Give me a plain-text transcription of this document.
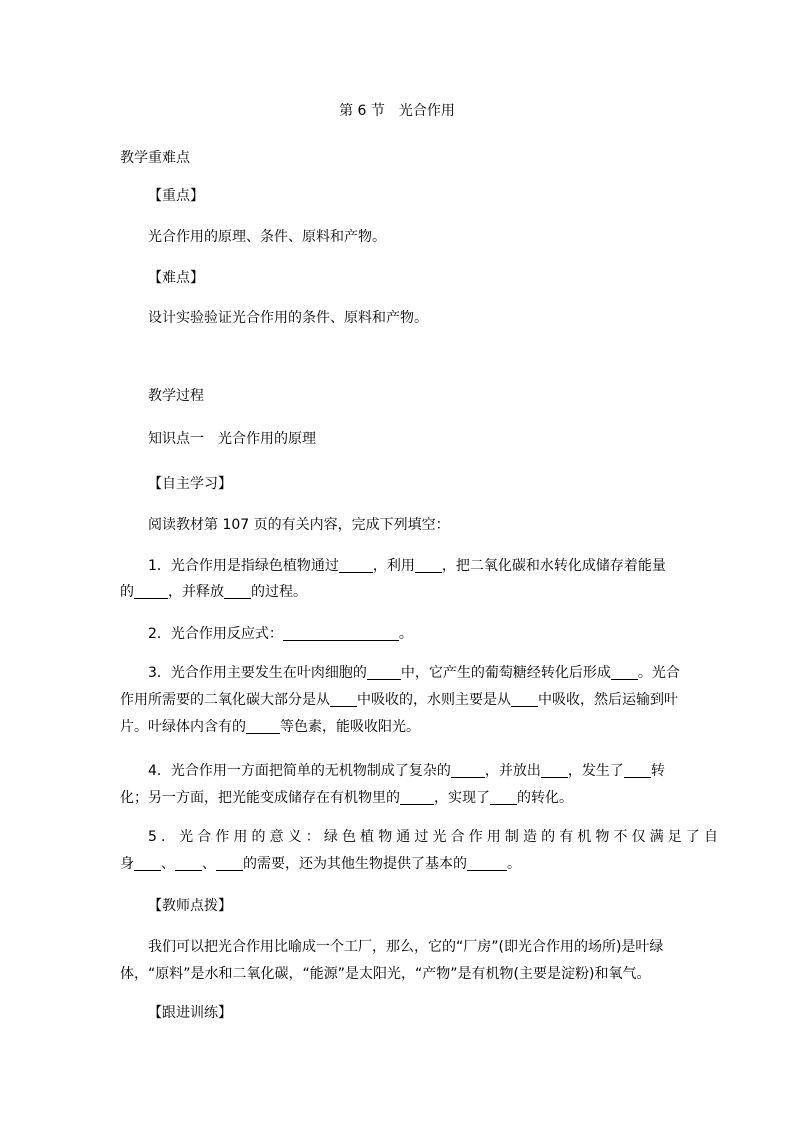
第 6 节　光合作用
教学重难点
【重点】
光合作用的原理、条件、原料和产物。
【难点】
设计实验验证光合作用的条件、原料和产物。
教学过程
知识点一　光合作用的原理
【自主学习】
阅读教材第 107 页的有关内容，完成下列填空：
1．光合作用是指绿色植物通过 ，利用 ，把二氧化碳和水转化成储存着能量
的 ，并释放 的过程。
2．光合作用反应式：	。
3．光合作用主要发生在叶肉细胞的 中，它产生的葡萄糖经转化后形成 。光合
作用所需要的二氧化碳大部分是从 中吸收的，水则主要是从 中吸收，然后运输到叶
片。叶绿体内含有的 等色素，能吸收阳光。
4．光合作用一方面把简单的无机物制成了复杂的 ，并放出 ，发生了 转
化；另一方面，把光能变成储存在有机物里的 ，实现了 的转化。
5．光合作用的意义：绿色植物通过光合作用制造的有机物不仅满足了自
身 、 、 的需要，还为其他生物提供了基本的	。
【教师点拨】
我们可以把光合作用比喻成一个工厂，那么，它的“厂房”(即光合作用的场所)是叶绿
体，“原料”是水和二氧化碳，“能源”是太阳光，“产物”是有机物(主要是淀粉)和氧气。
【跟进训练】
